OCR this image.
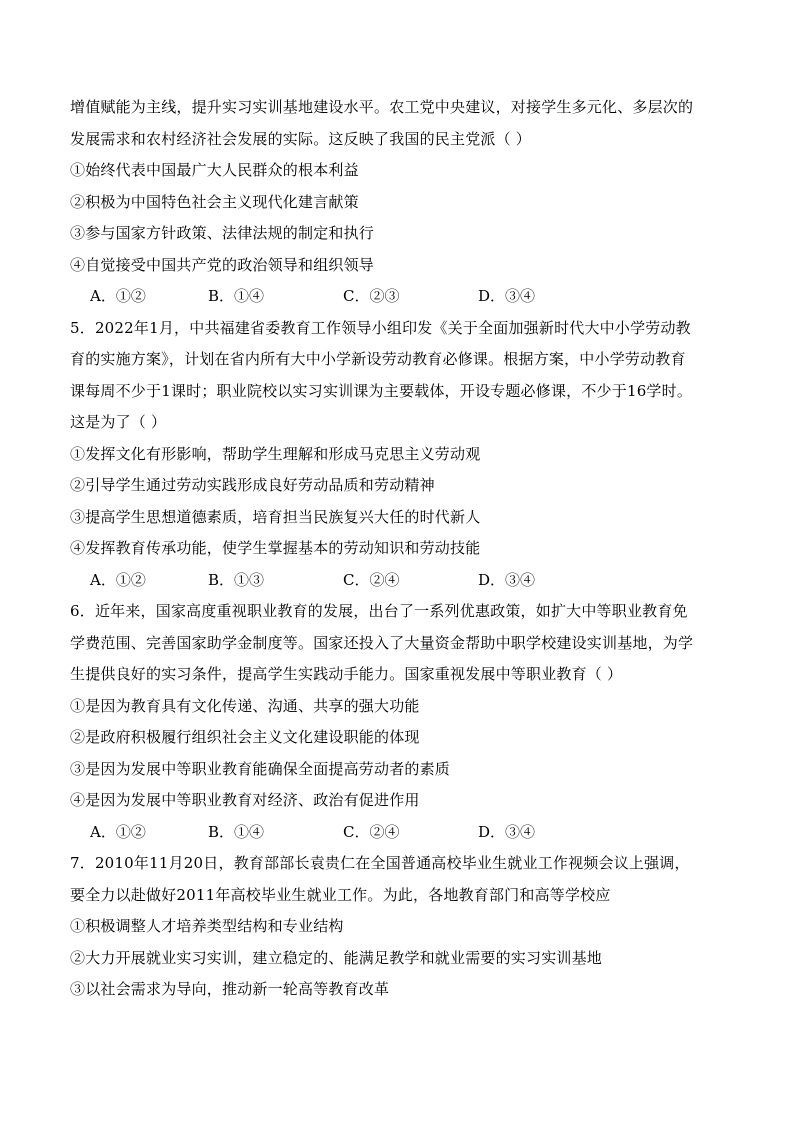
增值赋能为主线，提升实习实训基地建设水平。农工党中央建议，对接学生多元化、多层次的
发展需求和农村经济社会发展的实际。这反映了我国的民主党派（ ）
①始终代表中国最广大人民群众的根本利益
②积极为中国特色社会主义现代化建言献策
③参与国家方针政策、法律法规的制定和执行
④自觉接受中国共产党的政治领导和组织领导
A．①②	B．①④	C．②③	D．③④
5．2022年1月，中共福建省委教育工作领导小组印发《关于全面加强新时代大中小学劳动教
育的实施方案》，计划在省内所有大中小学新设劳动教育必修课。根据方案，中小学劳动教育
课每周不少于1课时；职业院校以实习实训课为主要载体，开设专题必修课，不少于16学时。
这是为了（ ）
①发挥文化有形影响，帮助学生理解和形成马克思主义劳动观
②引导学生通过劳动实践形成良好劳动品质和劳动精神
③提高学生思想道德素质，培育担当民族复兴大任的时代新人
④发挥教育传承功能，使学生掌握基本的劳动知识和劳动技能
A．①②	B．①③	C．②④	D．③④
6．近年来，国家高度重视职业教育的发展，出台了一系列优惠政策，如扩大中等职业教育免
学费范围、完善国家助学金制度等。国家还投入了大量资金帮助中职学校建设实训基地，为学
生提供良好的实习条件，提高学生实践动手能力。国家重视发展中等职业教育（ ）
①是因为教育具有文化传递、沟通、共享的强大功能
②是政府积极履行组织社会主义文化建设职能的体现
③是因为发展中等职业教育能确保全面提高劳动者的素质
④是因为发展中等职业教育对经济、政治有促进作用
A．①②	B．①④	C．②④	D．③④
7．2010年11月20日，教育部部长袁贵仁在全国普通高校毕业生就业工作视频会议上强调，
要全力以赴做好2011年高校毕业生就业工作。为此，各地教育部门和高等学校应
①积极调整人才培养类型结构和专业结构
②大力开展就业实习实训，建立稳定的、能满足教学和就业需要的实习实训基地
③以社会需求为导向，推动新一轮高等教育改革
